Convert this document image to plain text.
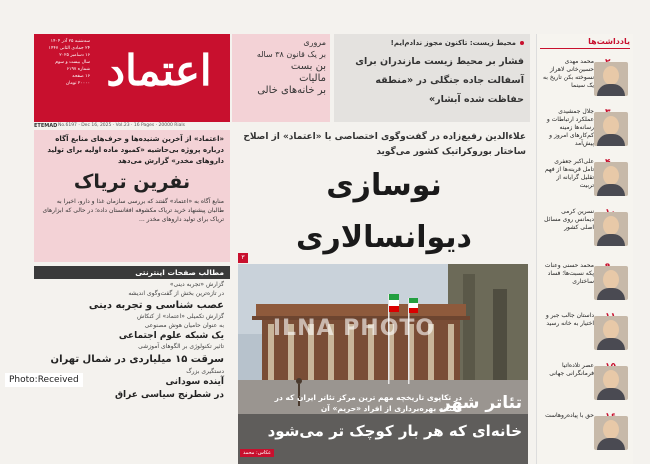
اعتماد
سه‌شنبه ۲۵ آذر ۱۴۰۴
۲۴ جمادی الثانی ۱۴۴۷
۱۶ دسامبر ۲۰۲۵
سال بیست و سوم
شماره ۶۱۹۷
۱۶ صفحه
۲۰۰۰۰ تومان
ETEMAD No.6197 · Dec 16, 2025 · Vol.23 · 16 Pages · 20000 Rials
مروری
بر یک قانون ۳۸ ساله
بن بست
مالیات
بر خانه‌های خالی
محیط زیست: تاکنون مجوز ندادم‌ایم!
فشار بر محیط زیست مازندران برای آسفالت جاده جنگلی در «منطقه حفاظت شده آبشار»
«اعتماد» از آخرین شنیده‌ها و حرف‌های منابع آگاه درباره پروژه بی‌حاشیه «کمبود ماده اولیه برای تولید داروهای مخدر» گزارش می‌دهد
نفرین تریاک
منابع آگاه به «اعتماد» گفتند که بررسی سازمان غذا و دارو، اخیرا به طالبان پیشنهاد خرید تریاک مکشوفه افغانستان داده؛ در حالی که ابزارهای تریاک برای تولید داروهای مخدر ...
مطالب صفحات اینترنتی
گزارش «تجربه دینی»
در تازه‌ترین بخش از گفت‌وگوی اندیشه
عصب شناسی و تجربه دینی
گزارش تکمیلی «اعتماد» از کنکاش
به عنوان حامیان هوش مصنوعی
یک شبکه علوم اجتماعی
تاثیر تکنولوژی بر الگوهای آموزشی
سرقت ۱۵ میلیاردی در شمال تهران
دستگیری بزرگ
آینده سودانی
در شطرنج سیاسی عراق
علاءالدین رفیع‌زاده در گفت‌وگوی اختصاصی با «اعتماد» از اصلاح ساختار بوروکراتیک کشور می‌گوید
نوسازی دیوانسالاری
۳
ILNA PHOTO
در تکاپوی تاریخچه مهم ترین مرکز تئاتر ایران که در آستانه بهره‌برداری از افراد «حریم» آن
تئاتر شهر
خانه‌ای که هر بار کوچک تر می‌شود
عکاس: محمد
Photo:Received
یادداشت‌ها
محمد مهدی حسین‌خانی لاهراز نسوخته بکن تاریخ به یک سینما
جلال جمشیدی عملکرد ارتباطات و رسانه‌ها زمینه کم‌کارهای امروز و پیش‌آمد
علی‌اکبر جعفری تامل قرینه‌ها از فهم تقلیل گرایانه از تربیت
نسرین کرمی دیمانس روی مسائل اصلی کشور
محمد حسنی وعنات پکه نسبت‌ها؛ فساد ساختاری
داستان جالب جبر و اختیار به خانه رسید
عصر تلاده‌اتیا فرمانگرانی جهانی
حق با پیاده‌روهاست
